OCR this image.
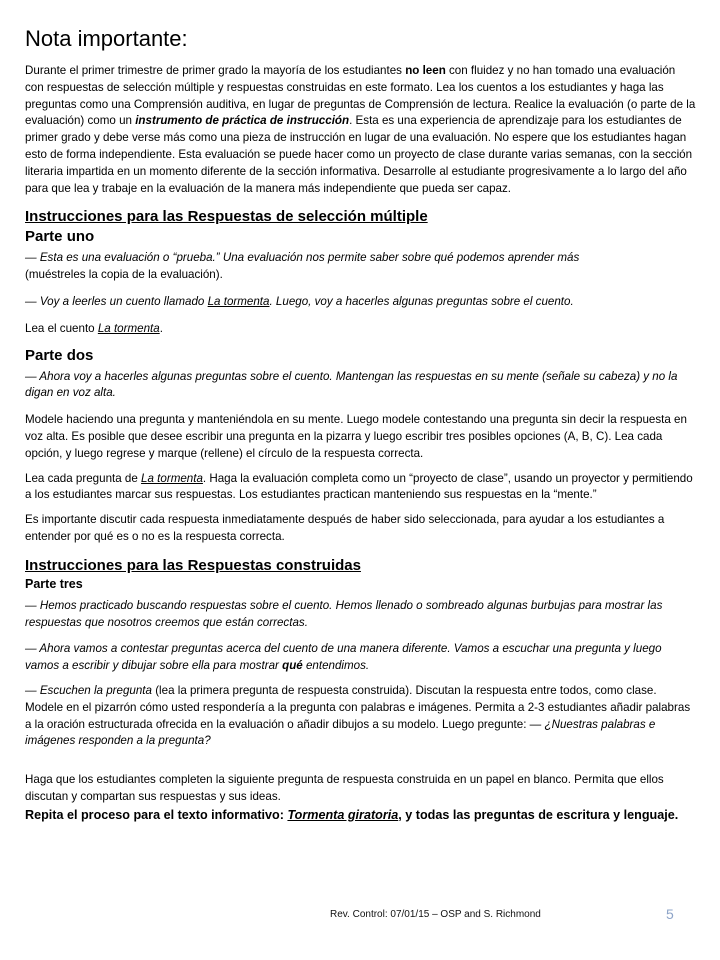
Nota importante:

Durante el primer trimestre de primer grado la mayoría de los estudiantes no leen con fluidez y no han tomado una evaluación con respuestas de selección múltiple y respuestas construidas en este formato. Lea los cuentos a los estudiantes y haga las preguntas como una Comprensión auditiva, en lugar de preguntas de Comprensión de lectura. Realice la evaluación (o parte de la evaluación) como un instrumento de práctica de instrucción. Esta es una experiencia de aprendizaje para los estudiantes de primer grado y debe verse más como una pieza de instrucción en lugar de una evaluación. No espere que los estudiantes hagan esto de forma independiente. Esta evaluación se puede hacer como un proyecto de clase durante varias semanas, con la sección literaria impartida en un momento diferente de la sección informativa. Desarrolle al estudiante progresivamente a lo largo del año para que lea y trabaje en la evaluación de la manera más independiente que pueda ser capaz.

Instrucciones para las Respuestas de selección múltiple
Parte uno

— Esta es una evaluación o “prueba.” Una evaluación nos permite saber sobre qué podemos aprender más
(muéstreles la copia de la evaluación).

— Voy a leerles un cuento llamado La tormenta. Luego, voy a hacerles algunas preguntas sobre el cuento.

Lea el cuento La tormenta.

Parte dos

— Ahora voy a hacerles algunas preguntas sobre el cuento. Mantengan las respuestas en su mente (señale su cabeza) y no la digan en voz alta.

Modele haciendo una pregunta y manteniéndola en su mente. Luego modele contestando una pregunta sin decir la respuesta en voz alta. Es posible que desee escribir una pregunta en la pizarra y luego escribir tres posibles opciones (A, B, C). Lea cada opción, y luego regrese y marque (rellene) el círculo de la respuesta correcta.

Lea cada pregunta de La tormenta. Haga la evaluación completa como un “proyecto de clase”, usando un proyector y permitiendo a los estudiantes marcar sus respuestas. Los estudiantes practican manteniendo sus respuestas en la “mente.”

Es importante discutir cada respuesta inmediatamente después de haber sido seleccionada, para ayudar a los estudiantes a entender por qué es o no es la respuesta correcta.

Instrucciones para las Respuestas construidas
Parte tres

— Hemos practicado buscando respuestas sobre el cuento. Hemos llenado o sombreado algunas burbujas para mostrar las respuestas que nosotros creemos que están correctas.

— Ahora vamos a contestar preguntas acerca del cuento de una manera diferente. Vamos a escuchar una pregunta y luego vamos a escribir y dibujar sobre ella para mostrar qué entendimos.

— Escuchen la pregunta (lea la primera pregunta de respuesta construida). Discutan la respuesta entre todos, como clase. Modele en el pizarrón cómo usted respondería a la pregunta con palabras e imágenes. Permita a 2-3 estudiantes añadir palabras a la oración estructurada ofrecida en la evaluación o añadir dibujos a su modelo. Luego pregunte: — ¿Nuestras palabras e imágenes responden a la pregunta?

Haga que los estudiantes completen la siguiente pregunta de respuesta construida en un papel en blanco. Permita que ellos discutan y compartan sus respuestas y sus ideas.

Repita el proceso para el texto informativo: Tormenta giratoria, y todas las preguntas de escritura y lenguaje.

Rev. Control: 07/01/15 – OSP and S. Richmond	5
